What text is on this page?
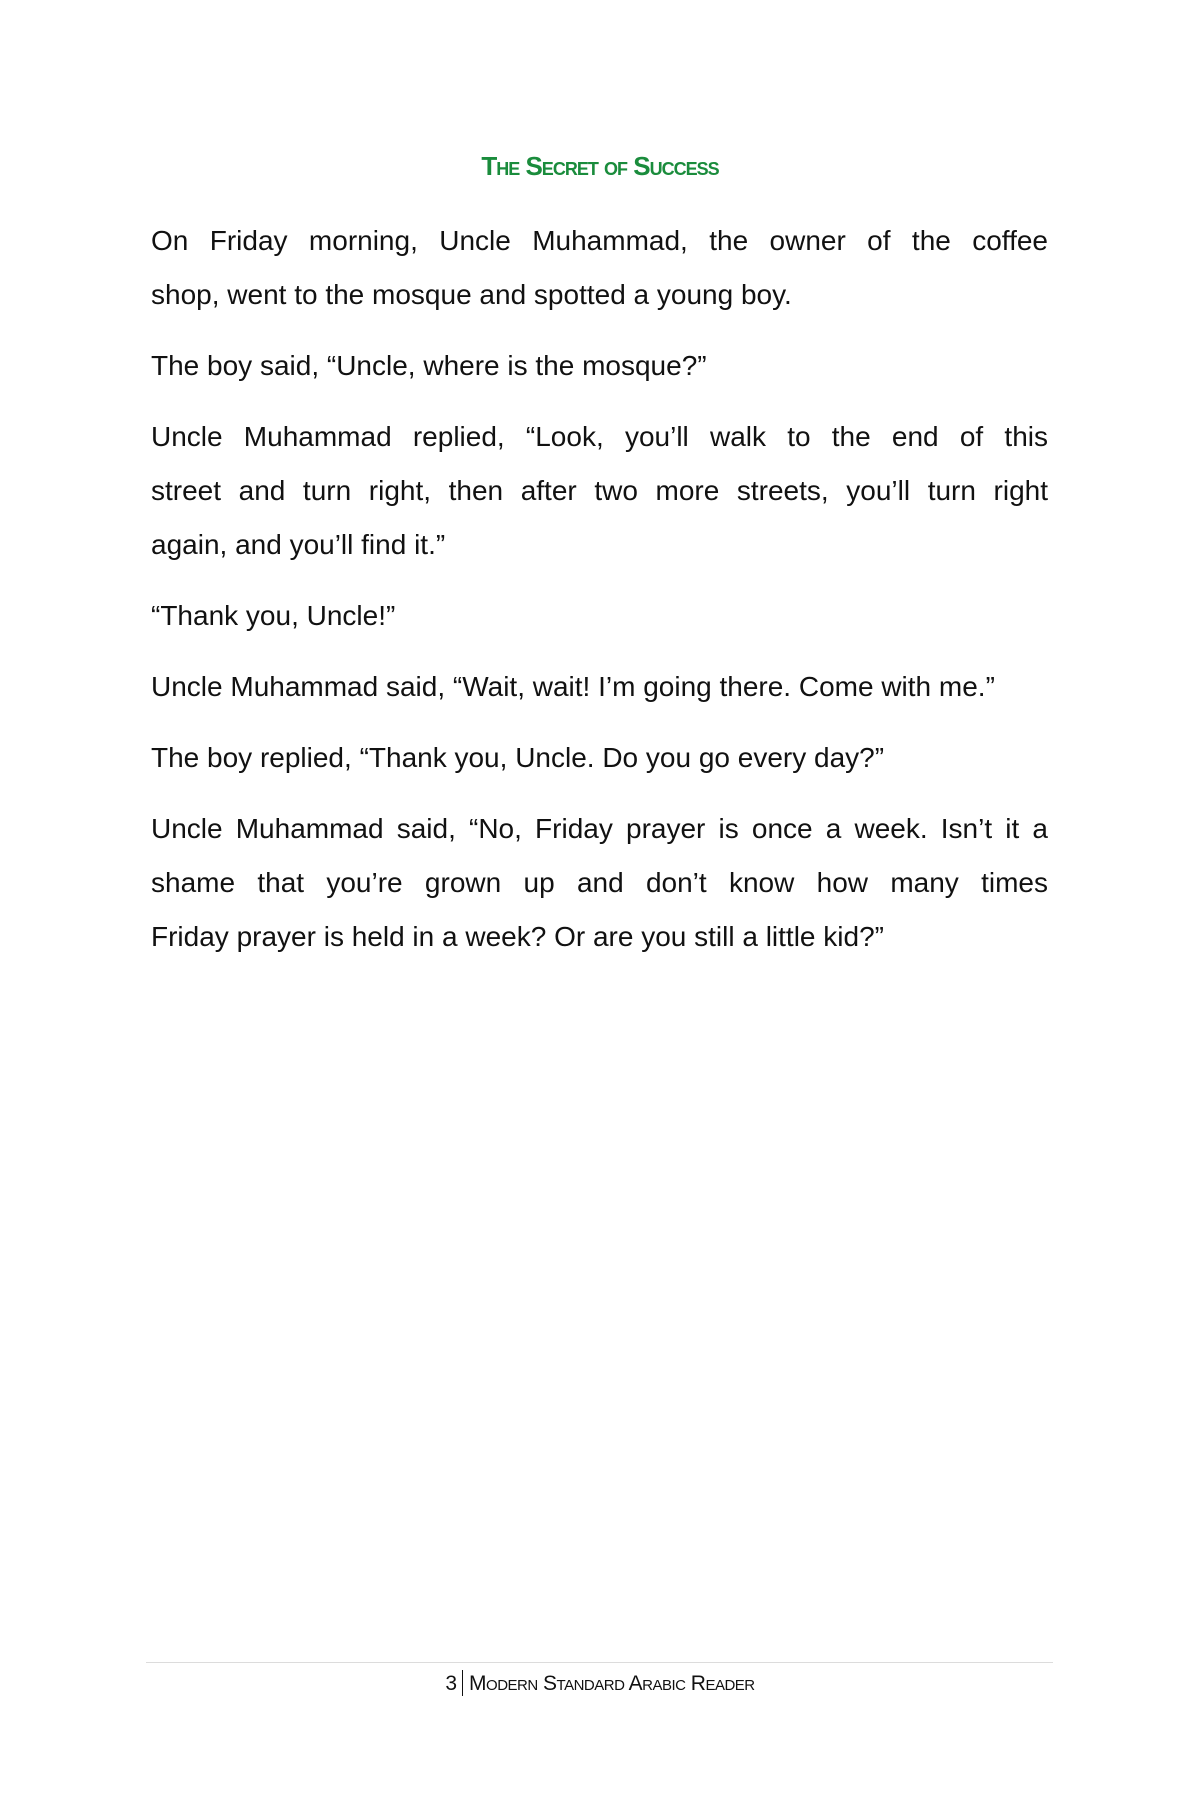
The Secret of Success

On Friday morning, Uncle Muhammad, the owner of the coffee
shop, went to the mosque and spotted a young boy.

The boy said, “Uncle, where is the mosque?”

Uncle Muhammad replied, “Look, you’ll walk to the end of this
street and turn right, then after two more streets, you’ll turn right
again, and you’ll find it.”

“Thank you, Uncle!”

Uncle Muhammad said, “Wait, wait! I’m going there. Come with me.”

The boy replied, “Thank you, Uncle. Do you go every day?”

Uncle Muhammad said, “No, Friday prayer is once a week. Isn’t it a
shame that you’re grown up and don’t know how many times
Friday prayer is held in a week? Or are you still a little kid?”

3 Modern Standard Arabic Reader
